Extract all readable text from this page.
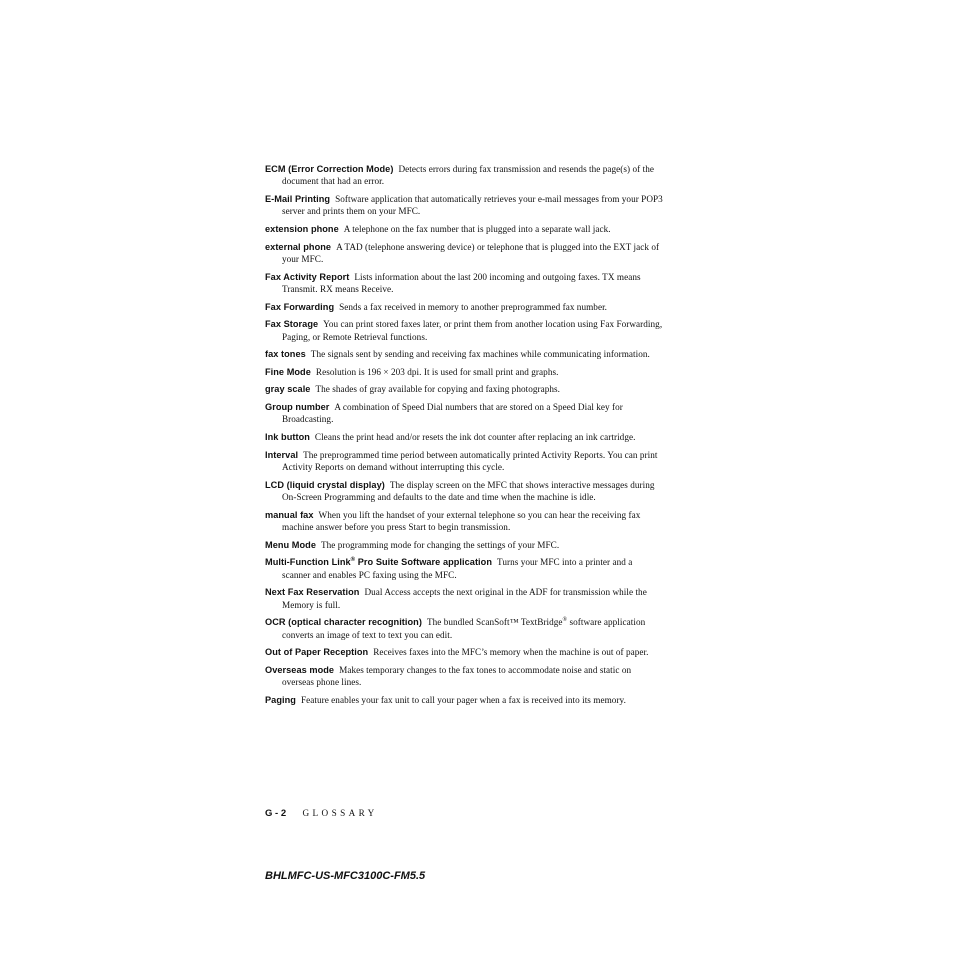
ECM (Error Correction Mode) Detects errors during fax transmission and resends the page(s) of the document that had an error.

E-Mail Printing Software application that automatically retrieves your e-mail messages from your POP3 server and prints them on your MFC.

extension phone A telephone on the fax number that is plugged into a separate wall jack.

external phone A TAD (telephone answering device) or telephone that is plugged into the EXT jack of your MFC.

Fax Activity Report Lists information about the last 200 incoming and outgoing faxes. TX means Transmit. RX means Receive.

Fax Forwarding Sends a fax received in memory to another preprogrammed fax number.

Fax Storage You can print stored faxes later, or print them from another location using Fax Forwarding, Paging, or Remote Retrieval functions.

fax tones The signals sent by sending and receiving fax machines while communicating information.

Fine Mode Resolution is 196 × 203 dpi. It is used for small print and graphs.

gray scale The shades of gray available for copying and faxing photographs.

Group number A combination of Speed Dial numbers that are stored on a Speed Dial key for Broadcasting.

Ink button Cleans the print head and/or resets the ink dot counter after replacing an ink cartridge.

Interval The preprogrammed time period between automatically printed Activity Reports. You can print Activity Reports on demand without interrupting this cycle.

LCD (liquid crystal display) The display screen on the MFC that shows interactive messages during On-Screen Programming and defaults to the date and time when the machine is idle.

manual fax When you lift the handset of your external telephone so you can hear the receiving fax machine answer before you press Start to begin transmission.

Menu Mode The programming mode for changing the settings of your MFC.

Multi-Function Link® Pro Suite Software application Turns your MFC into a printer and a scanner and enables PC faxing using the MFC.

Next Fax Reservation Dual Access accepts the next original in the ADF for transmission while the Memory is full.

OCR (optical character recognition) The bundled ScanSoft™ TextBridge® software application converts an image of text to text you can edit.

Out of Paper Reception Receives faxes into the MFC’s memory when the machine is out of paper.

Overseas mode Makes temporary changes to the fax tones to accommodate noise and static on overseas phone lines.

Paging Feature enables your fax unit to call your pager when a fax is received into its memory.

G - 2 GLOSSARY
BHLMFC-US-MFC3100C-FM5.5
